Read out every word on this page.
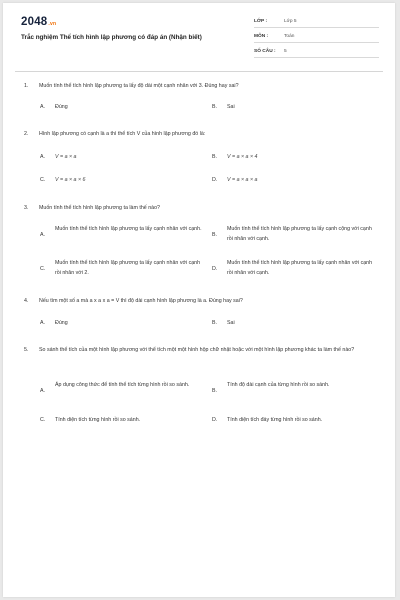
2048.vn
Trắc nghiệm Thể tích hình lập phương có đáp án (Nhận biết)
LỚP :	Lớp 5
MÔN :	Toán
SỐ CÂU : 5
1. Muốn tính thể tích hình lập phương ta lấy độ dài một cạnh nhân với 3. Đúng hay sai?
A. Đúng	B. Sai
2. Hình lập phương có cạnh là a thì thể tích V của hình lập phương đó là:
A. V = a × a	B. V = a × a × 4
C. V = a × a × 6	D. V = a × a × a
3. Muốn tính thể tích hình lập phương ta làm thế nào?
A.
Muốn tính thể tích hình lập phương ta lấy cạnh nhân với cạnh.
B.
Muốn tính thể tích hình lập phương ta lấy cạnh cộng với cạnh rồi nhân với cạnh.
C.
Muốn tính thể tích hình lập phương ta lấy cạnh nhân với cạnh rồi nhân với 2.
D.
Muốn tính thể tích hình lập phương ta lấy cạnh nhân với cạnh rồi nhân với cạnh.
4. Nếu tìm một số a mà a x a x a = V thì độ dài cạnh hình lập phương là a. Đúng hay sai?
A. Đúng	B. Sai
5. So sánh thể tích của một hình lập phương với thể tích một một hình hộp chữ nhật hoặc với một hình lập phương khác ta làm thế nào?
A.
Áp dụng công thức để tính thể tích từng hình rồi so sánh.
B.
Tính độ dài cạnh của từng hình rồi so sánh.
C. Tính diện tích từng hình rồi so sánh.	D. Tính diện tích đáy từng hình rồi so sánh.
